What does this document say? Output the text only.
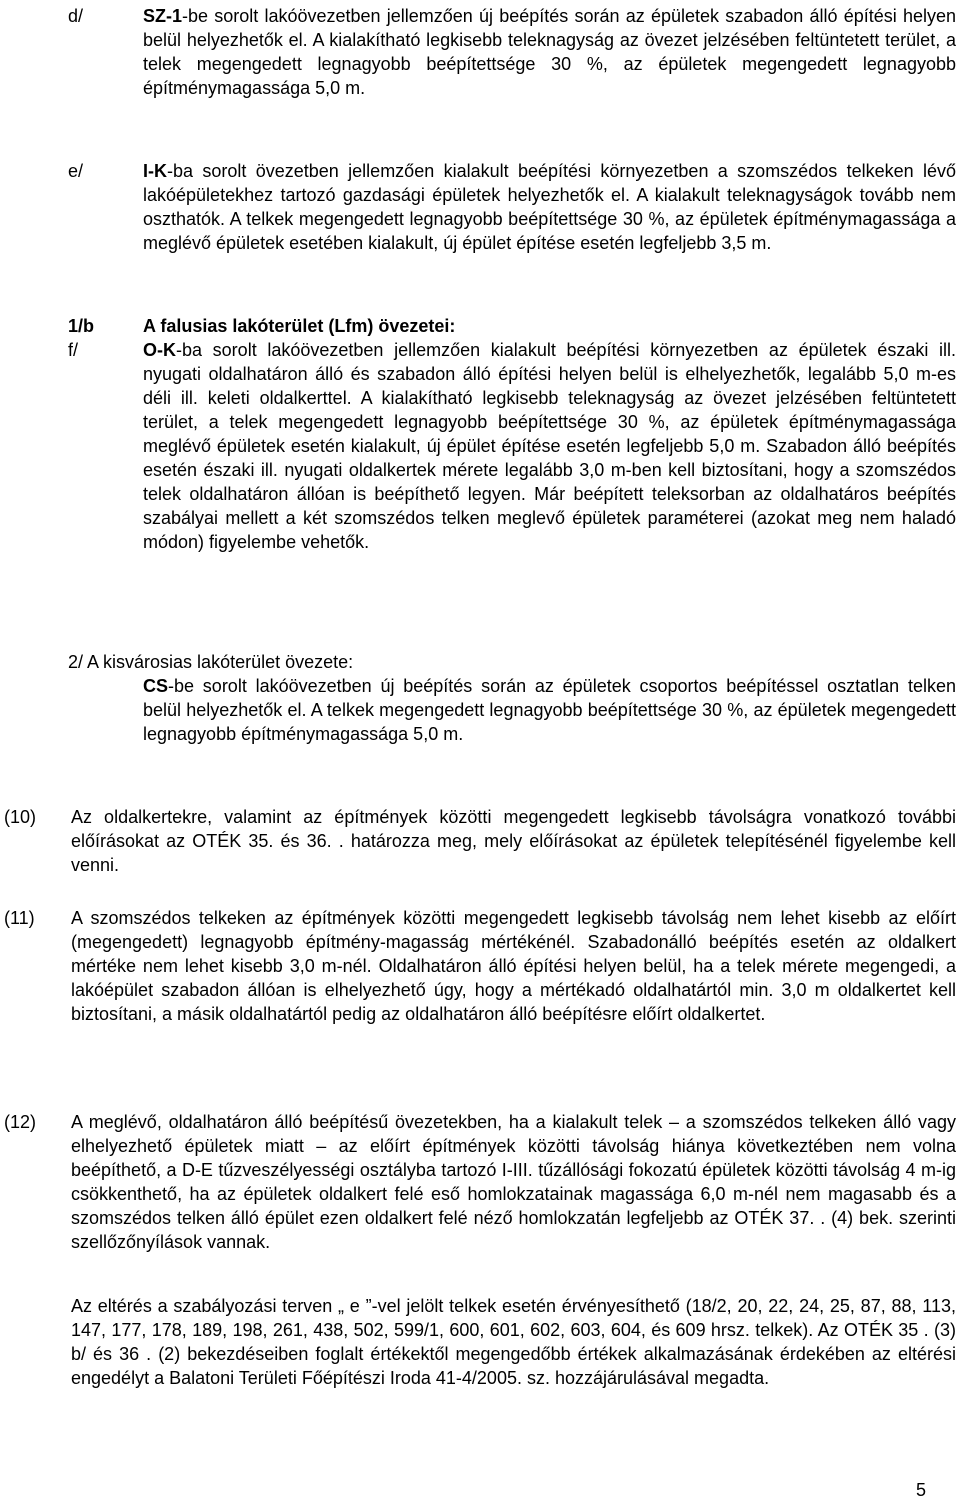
d/	SZ-1-be sorolt lakóövezetben jellemzően új beépítés során az épületek szabadon álló építési helyen belül helyezhetők el. A kialakítható legkisebb teleknagyság az övezet jelzésében feltüntetett terület, a telek megengedett legnagyobb beépítettsége 30 %, az épületek megengedett legnagyobb építménymagassága 5,0 m.
e/	I-K-ba sorolt övezetben jellemzően kialakult beépítési környezetben a szomszédos telkeken lévő lakóépületekhez tartozó gazdasági épületek helyezhetők el. A kialakult teleknagyságok tovább nem oszthatók. A telkek megengedett legnagyobb beépítettsége 30 %, az épületek építménymagassága a meglévő épületek esetében kialakult, új épület építése esetén legfeljebb 3,5 m.
1/b	A falusias lakóterület (Lfm) övezetei:
f/	O-K-ba sorolt lakóövezetben jellemzően kialakult beépítési környezetben az épületek északi ill. nyugati oldalhatáron álló és szabadon álló építési helyen belül is elhelyezhetők, legalább 5,0 m-es déli ill. keleti oldalkerttel. A kialakítható legkisebb teleknagyság az övezet jelzésében feltüntetett terület, a telek megengedett legnagyobb beépítettsége 30 %, az épületek építménymagassága meglévő épületek esetén kialakult, új épület építése esetén legfeljebb 5,0 m. Szabadon álló beépítés esetén északi ill. nyugati oldalkertek mérete legalább 3,0 m-ben kell biztosítani, hogy a szomszédos telek oldalhatáron állóan is beépíthető legyen. Már beépített teleksorban az oldalhatáros beépítés szabályai mellett a két szomszédos telken meglevő épületek paraméterei (azokat meg nem haladó módon) figyelembe vehetők.
2/ A kisvárosias lakóterület övezete:
CS-be sorolt lakóövezetben új beépítés során az épületek csoportos beépítéssel osztatlan telken belül helyezhetők el. A telkek megengedett legnagyobb beépítettsége 30 %, az épületek megengedett legnagyobb építménymagassága 5,0 m.
(10) Az oldalkertekre, valamint az építmények közötti megengedett legkisebb távolságra vonatkozó további előírásokat az OTÉK 35. és 36. . határozza meg, mely előírásokat az épületek telepítésénél figyelembe kell venni.
(11) A szomszédos telkeken az építmények közötti megengedett legkisebb távolság nem lehet kisebb az előírt (megengedett) legnagyobb építmény-magasság mértékénél. Szabadonálló beépítés esetén az oldalkert mértéke nem lehet kisebb 3,0 m-nél. Oldalhatáron álló építési helyen belül, ha a telek mérete megengedi, a lakóépület szabadon állóan is elhelyezhető úgy, hogy a mértékadó oldalhatártól min. 3,0 m oldalkertet kell biztosítani, a másik oldalhatártól pedig az oldalhatáron álló beépítésre előírt oldalkertet.
(12) A meglévő, oldalhatáron álló beépítésű övezetekben, ha a kialakult telek – a szomszédos telkeken álló vagy elhelyezhető épületek miatt – az előírt építmények közötti távolság hiánya következtében nem volna beépíthető, a D-E tűzveszélyességi osztályba tartozó I-III. tűzállósági fokozatú épületek közötti távolság 4 m-ig csökkenthető, ha az épületek oldalkert felé eső homlokzatainak magassága 6,0 m-nél nem magasabb és a szomszédos telken álló épület ezen oldalkert felé néző homlokzatán legfeljebb az OTÉK 37. . (4) bek. szerinti szellőzőnyílások vannak.
Az eltérés a szabályozási terven „ e ”-vel jelölt telkek esetén érvényesíthető (18/2, 20, 22, 24, 25, 87, 88, 113, 147, 177, 178, 189, 198, 261, 438, 502, 599/1, 600, 601, 602, 603, 604, és 609 hrsz. telkek). Az OTÉK 35 . (3) b/ és 36 . (2) bekezdéseiben foglalt értékektől megengedőbb értékek alkalmazásának érdekében az eltérési engedélyt a Balatoni Területi Főépítészi Iroda 41-4/2005. sz. hozzájárulásával megadta.
5
